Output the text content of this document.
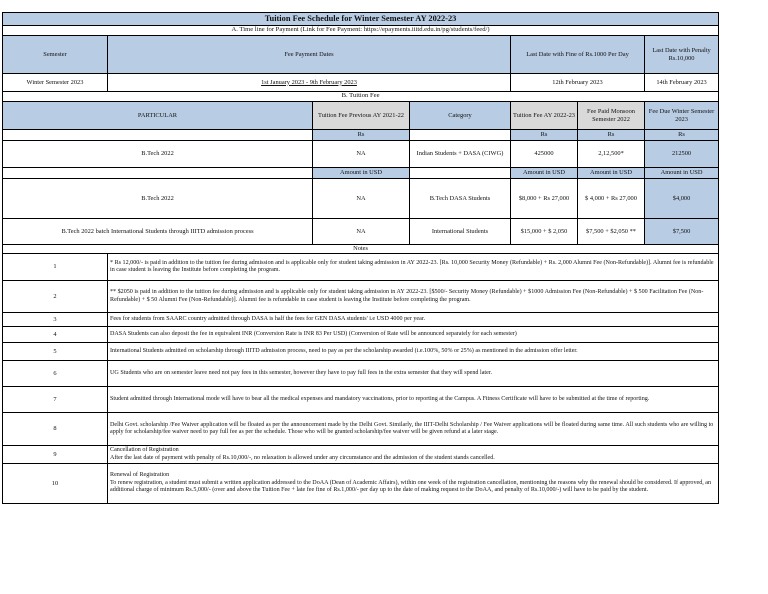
Tuition Fee Schedule for Winter Semester AY 2022-23						
A. Time line for Payment (Link for Fee Payment: https://epayments.iiitd.edu.in/pg/students/feed/)						
Semester	Fee Payment Dates			Last Date with Fine of Rs.1000 Per Day		Last Date with Penalty Rs.10,000
Winter Semester 2023	1st January 2023 - 9th February 2023			12th February 2023		14th February 2023
B. Tuition Fee						
PARTICULAR		Tuition Fee Previous AY 2021-22	Category	Tuition Fee AY 2022-23	Fee Paid Monsoon Semester 2022	Fee Due Winter Semester 2023
		Rs		Rs	Rs	Rs
B.Tech 2022		NA	Indian Students + DASA (CIWG)	425000	2,12,500*	212500
		Amount in USD		Amount in USD	Amount in USD	Amount in USD
B.Tech 2022		NA	B.Tech DASA Students	$8,000 + Rs 27,000	$ 4,000 + Rs 27,000	$4,000
B.Tech 2022 batch International Students through IIITD admission process		NA	International Students	$15,000 + $ 2,050	$7,500 + $2,050 **	$7,500
Notes						
1	* Rs 12,000/- is paid in addition to the tuition fee during admission and is applicable only for student taking admission in AY 2022-23. [Rs. 10,000 Security Money (Refundable) + Rs. 2,000 Alumni Fee (Non-Refundable)]. Alumni fee is refundable in case student is leaving the Institute before completing the program.					
2	** $2050 is paid in addition to the tuition fee during admission and is applicable only for student taking admission in AY 2022-23. [$500/- Security Money (Refundable) + $1000 Admission Fee (Non-Refundable) + $ 500 Facilitation Fee (Non-Refundable) + $ 50 Alumni Fee (Non-Refundable)]. Alumni fee is refundable in case student is leaving the Institute before completing the program.					
3	Fees for students from SAARC country admitted through DASA is half the fees for GEN DASA students' i.e USD 4000 per year.					
4	DASA Students can also deposit the fee in equivalent INR (Conversion Rate is INR 83 Per USD) (Conversion of Rate will be announced separately for each semester)					
5	International Students admitted on scholarship through IIITD admission process, need to pay as per the scholarship awarded (i.e.100%, 50% or 25%) as mentioned in the admission offer letter.					
6	UG Students who are on semester leave need not pay fees in this semester, however they have to pay full fees in the extra semester that they will spend later.					
7	Student admitted through International mode will have to bear all the medical expenses and mandatory vaccinations, prior to reporting at the Campus. A Fitness Certificate will have to be submitted at the time of reporting.					
8	Delhi Govt. scholarship /Fee Waiver application will be floated as per the announcement made by the Delhi Govt. Similarly, the IIIT-Delhi Scholarship / Fee Waiver applications will be floated during same time. All such students who are willing to apply for scholarship/fee waiver need to pay full fee as per the schedule. Those who will be granted scholarship/fee waiver will be given refund at a later stage.					
9	Cancellation of Registration
After the last date of payment with penalty of Rs.10,000/-, no relaxation is allowed under any circumstance and the admission of the student stands cancelled.					

10	Renewal of Registration
To renew registration, a student must submit a written application addressed to the DoAA (Dean of Academic Affairs), within one week of the registration cancellation, mentioning the reasons why the renewal should be considered. If approved, an additional charge of minimum Rs.5,000/- (over and above the Tuition Fee + late fee fine of Rs.1,000/- per day up to the date of making request to the DoAA, and penalty of Rs.10,000/-) will have to be paid by the student.					
